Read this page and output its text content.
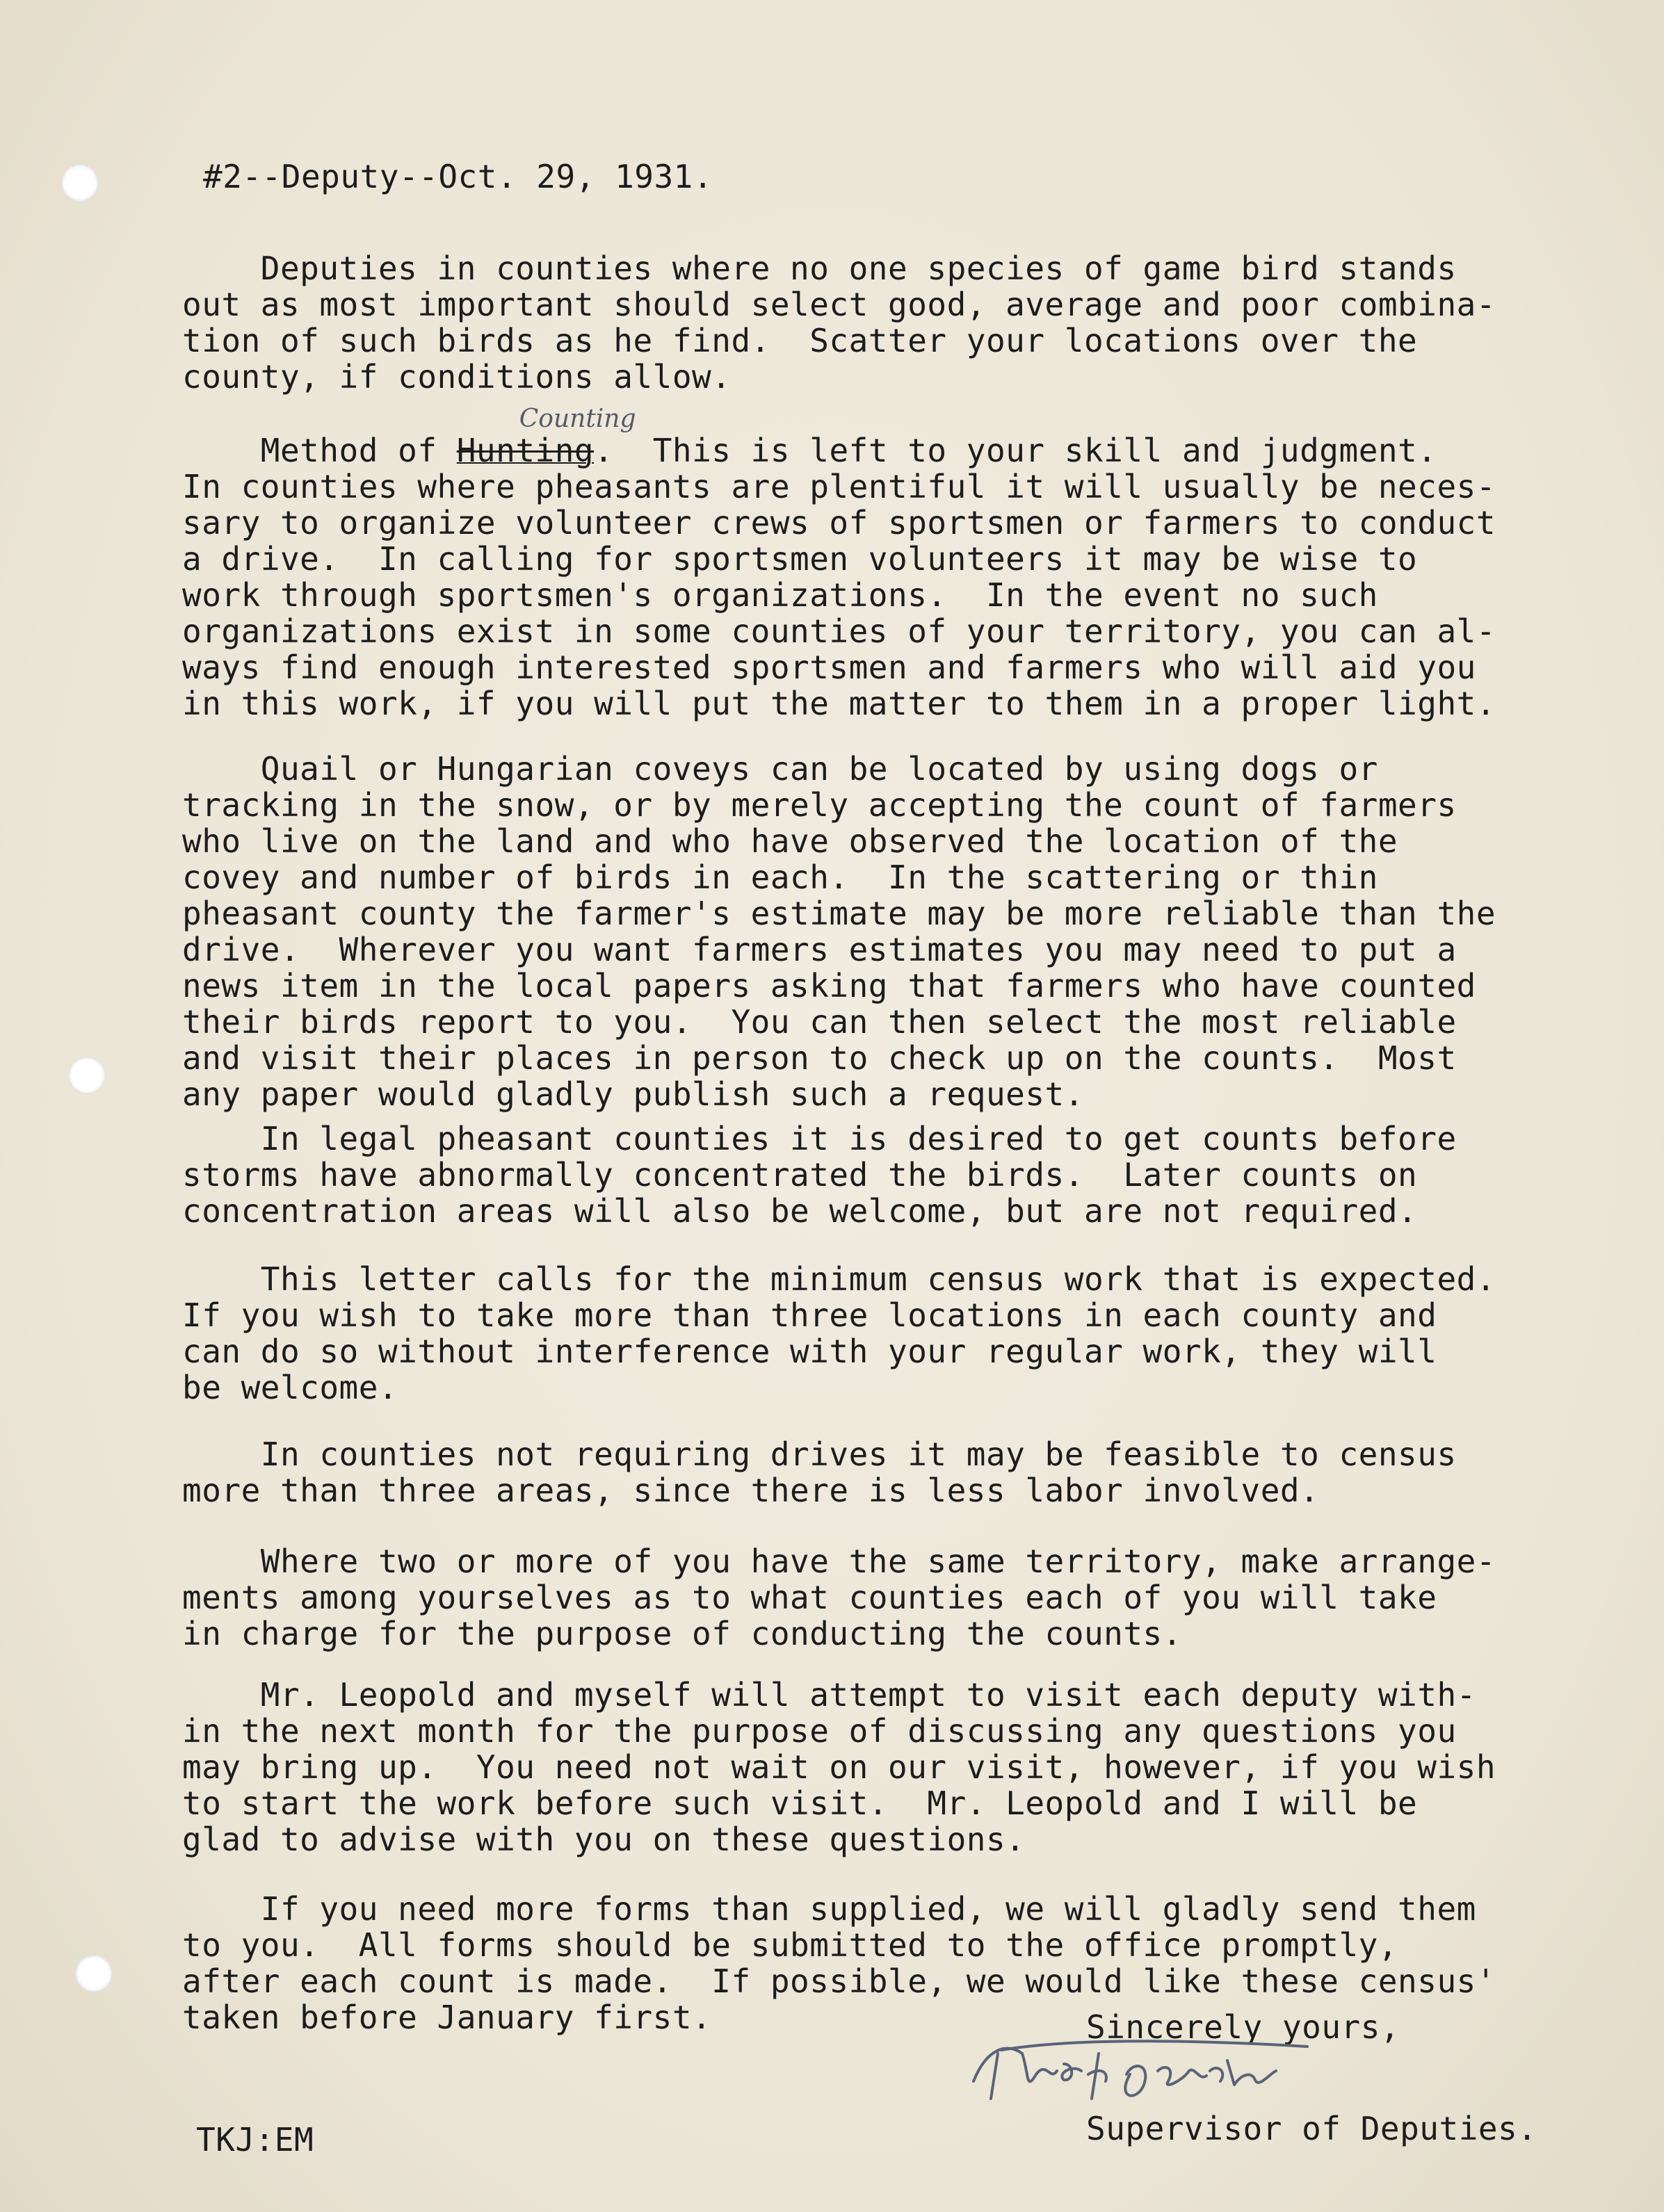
#2--Deputy--Oct. 29, 1931.
Deputies in counties where no one species of game bird stands
out as most important should select good, average and poor combina-
tion of such birds as he find.  Scatter your locations over the
county, if conditions allow.
Method of Hunting
Counting
.  This is left to your skill and judgment.
In counties where pheasants are plentiful it will usually be neces-
sary to organize volunteer crews of sportsmen or farmers to conduct
a drive.  In calling for sportsmen volunteers it may be wise to
work through sportsmen's organizations.  In the event no such
organizations exist in some counties of your territory, you can al-
ways find enough interested sportsmen and farmers who will aid you
in this work, if you will put the matter to them in a proper light.
Quail or Hungarian coveys can be located by using dogs or
tracking in the snow, or by merely accepting the count of farmers
who live on the land and who have observed the location of the
covey and number of birds in each.  In the scattering or thin
pheasant county the farmer's estimate may be more reliable than the
drive.  Wherever you want farmers estimates you may need to put a
news item in the local papers asking that farmers who have counted
their birds report to you.  You can then select the most reliable
and visit their places in person to check up on the counts.  Most
any paper would gladly publish such a request.
In legal pheasant counties it is desired to get counts before
storms have abnormally concentrated the birds.  Later counts on
concentration areas will also be welcome, but are not required.
This letter calls for the minimum census work that is expected.
If you wish to take more than three locations in each county and
can do so without interference with your regular work, they will
be welcome.
In counties not requiring drives it may be feasible to census
more than three areas, since there is less labor involved.
Where two or more of you have the same territory, make arrange-
ments among yourselves as to what counties each of you will take
in charge for the purpose of conducting the counts.
Mr. Leopold and myself will attempt to visit each deputy with-
in the next month for the purpose of discussing any questions you
may bring up.  You need not wait on our visit, however, if you wish
to start the work before such visit.  Mr. Leopold and I will be
glad to advise with you on these questions.
If you need more forms than supplied, we will gladly send them
to you.  All forms should be submitted to the office promptly,
after each count is made.  If possible, we would like these census'
taken before January first.	Sincerely yours,
Supervisor of Deputies.
TKJ:EM
